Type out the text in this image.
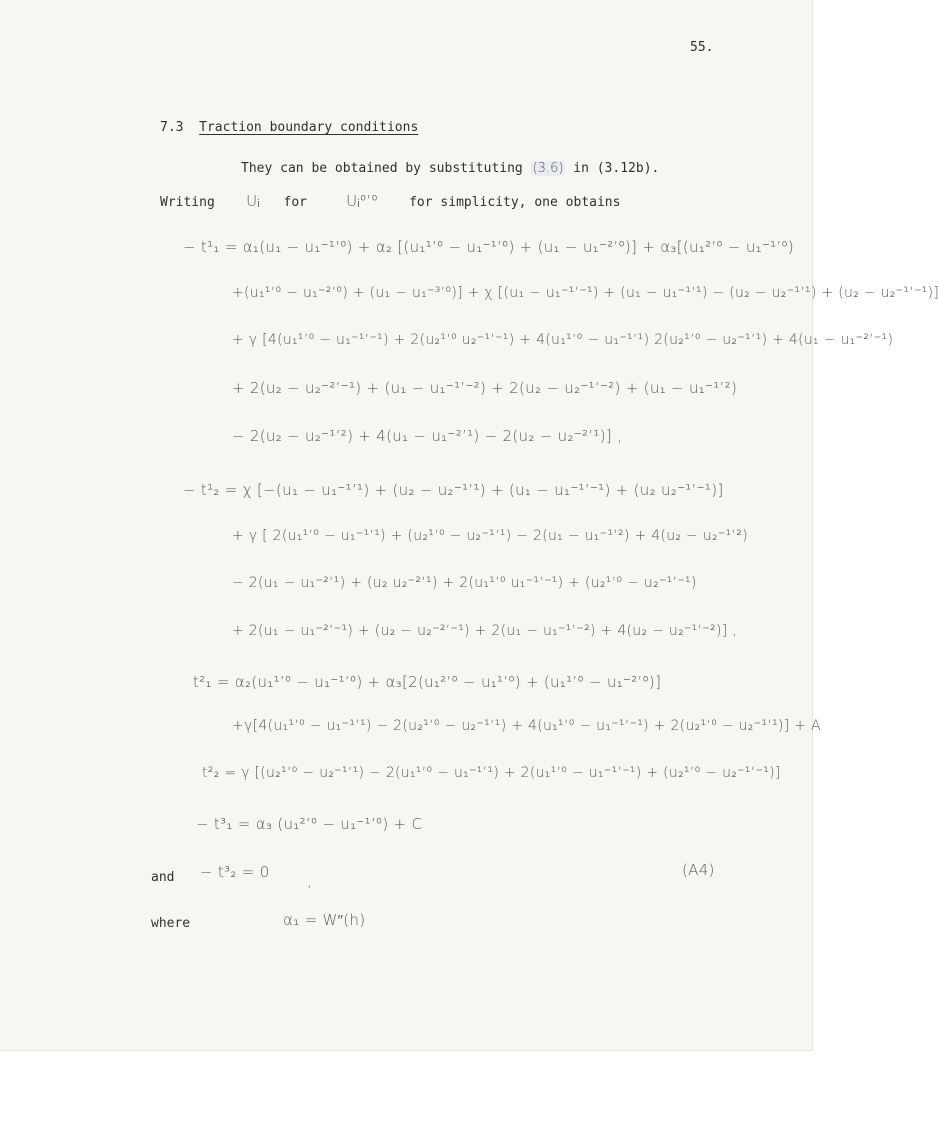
55.
7.3 Traction boundary conditions
They can be obtained by substituting (3.6) in (3.12b).
Writing Uᵢ for	Uᵢ⁰ʼ⁰ for simplicity, one obtains
− t¹₁ = α₁(u₁ − u₁⁻¹ʼ⁰) + α₂ [(u₁¹ʼ⁰ − u₁⁻¹ʼ⁰) + (u₁ − u₁⁻²ʼ⁰)] + α₃[(u₁²ʼ⁰ − u₁⁻¹ʼ⁰)
+(u₁¹ʼ⁰ − u₁⁻²ʼ⁰) + (u₁ − u₁⁻³ʼ⁰)] + χ [(u₁ − u₁⁻¹ʼ⁻¹) + (u₁ − u₁⁻¹ʼ¹) − (u₂ − u₂⁻¹ʼ¹) + (u₂ − u₂⁻¹ʼ⁻¹)]
+ γ [4(u₁¹ʼ⁰ − u₁⁻¹ʼ⁻¹) + 2(u₂¹ʼ⁰ u₂⁻¹ʼ⁻¹) + 4(u₁¹ʼ⁰ − u₁⁻¹ʼ¹) 2(u₂¹ʼ⁰ − u₂⁻¹ʼ¹) + 4(u₁ − u₁⁻²ʼ⁻¹)
+ 2(u₂ − u₂⁻²ʼ⁻¹) + (u₁ − u₁⁻¹ʼ⁻²) + 2(u₂ − u₂⁻¹ʼ⁻²) + (u₁ − u₁⁻¹ʼ²)
− 2(u₂ − u₂⁻¹ʼ²) + 4(u₁ − u₁⁻²ʼ¹) − 2(u₂ − u₂⁻²ʼ¹)] ,
− t¹₂ = χ [−(u₁ − u₁⁻¹ʼ¹) + (u₂ − u₂⁻¹ʼ¹) + (u₁ − u₁⁻¹ʼ⁻¹) + (u₂ u₂⁻¹ʼ⁻¹)]
+ γ [ 2(u₁¹ʼ⁰ − u₁⁻¹ʼ¹) + (u₂¹ʼ⁰ − u₂⁻¹ʼ¹) − 2(u₁ − u₁⁻¹ʼ²) + 4(u₂ − u₂⁻¹ʼ²)
− 2(u₁ − u₁⁻²ʼ¹) + (u₂ u₂⁻²ʼ¹) + 2(u₁¹ʼ⁰ u₁⁻¹ʼ⁻¹) + (u₂¹ʼ⁰ − u₂⁻¹ʼ⁻¹)
+ 2(u₁ − u₁⁻²ʼ⁻¹) + (u₂ − u₂⁻²ʼ⁻¹) + 2(u₁ − u₁⁻¹ʼ⁻²) + 4(u₂ − u₂⁻¹ʼ⁻²)] ,
t²₁ = α₂(u₁¹ʼ⁰ − u₁⁻¹ʼ⁰) + α₃[2(u₁²ʼ⁰ − u₁¹ʼ⁰) + (u₁¹ʼ⁰ − u₁⁻²ʼ⁰)]
+γ[4(u₁¹ʼ⁰ − u₁⁻¹ʼ¹) − 2(u₂¹ʼ⁰ − u₂⁻¹ʼ¹) + 4(u₁¹ʼ⁰ − u₁⁻¹ʼ⁻¹) + 2(u₂¹ʼ⁰ − u₂⁻¹ʼ¹)] + A
t²₂ = γ [(u₂¹ʼ⁰ − u₂⁻¹ʼ¹) − 2(u₁¹ʼ⁰ − u₁⁻¹ʼ¹) + 2(u₁¹ʼ⁰ − u₁⁻¹ʼ⁻¹) + (u₂¹ʼ⁰ − u₂⁻¹ʼ⁻¹)]
− t³₁ = α₃ (u₁²ʼ⁰ − u₁⁻¹ʼ⁰) + C
and − t³₂ = 0 ,
(A4)
where	α₁ = W″(h)
